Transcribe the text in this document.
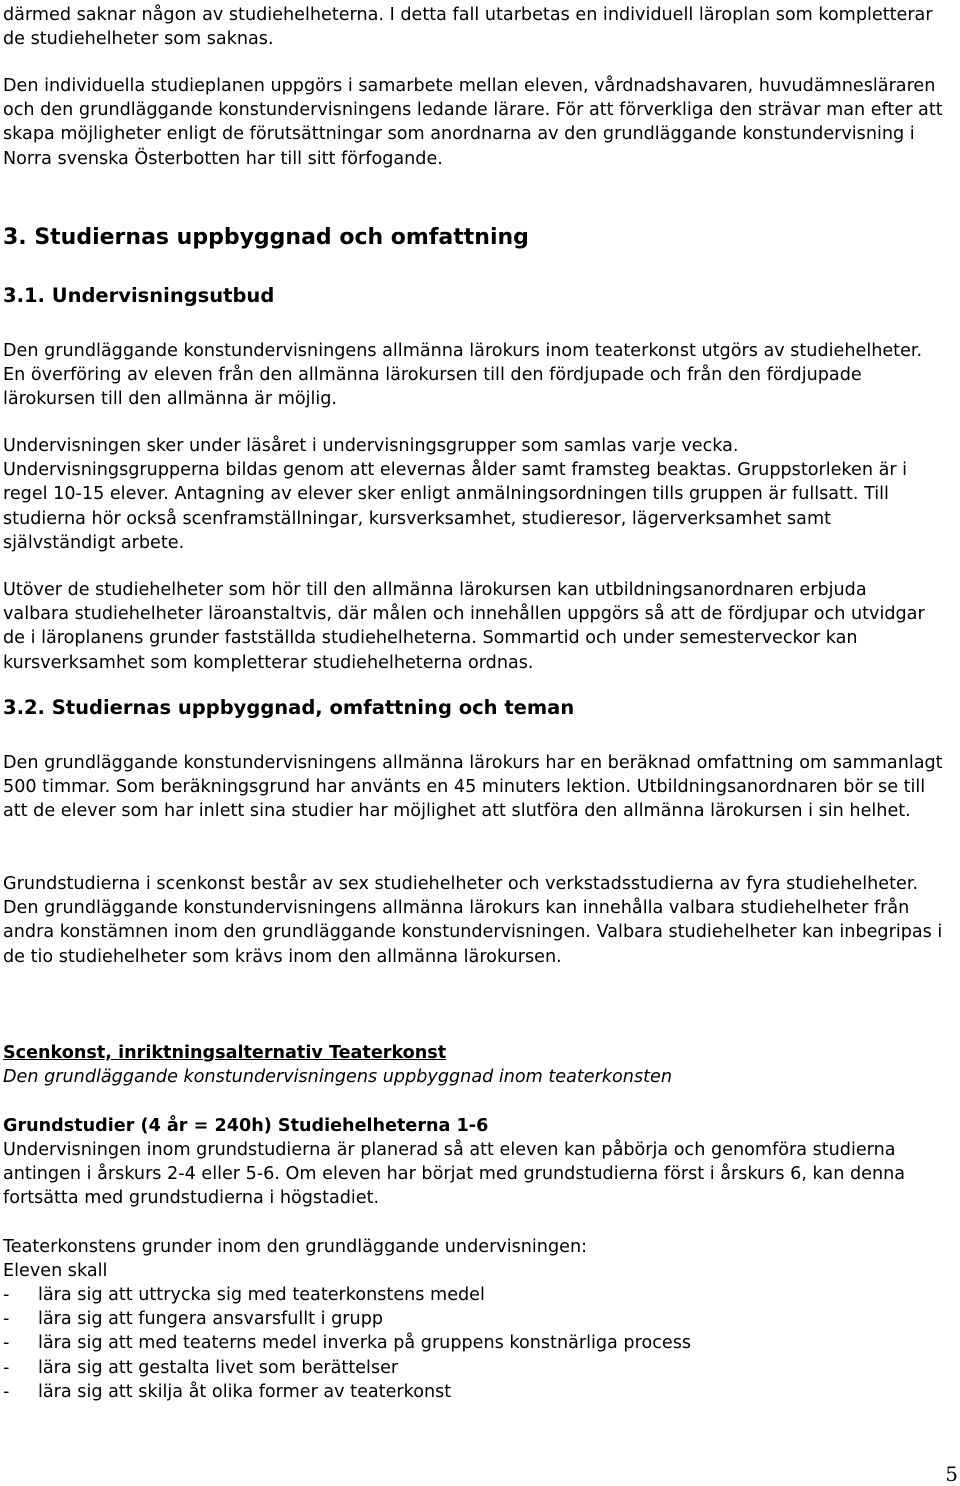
därmed saknar någon av studiehelheterna. I detta fall utarbetas en individuell läroplan som kompletterar de studiehelheter som saknas.

Den individuella studieplanen uppgörs i samarbete mellan eleven, vårdnadshavaren, huvudämnesläraren och den grundläggande konstundervisningens ledande lärare. För att förverkliga den strävar man efter att skapa möjligheter enligt de förutsättningar som anordnarna av den grundläggande konstundervisning i Norra svenska Österbotten har till sitt förfogande.

3. Studiernas uppbyggnad och omfattning
3.1. Undervisningsutbud

Den grundläggande konstundervisningens allmänna lärokurs inom teaterkonst utgörs av studiehelheter. En överföring av eleven från den allmänna lärokursen till den fördjupade och från den fördjupade lärokursen till den allmänna är möjlig.

Undervisningen sker under läsåret i undervisningsgrupper som samlas varje vecka. Undervisningsgrupperna bildas genom att elevernas ålder samt framsteg beaktas. Gruppstorleken är i regel 10-15 elever. Antagning av elever sker enligt anmälningsordningen tills gruppen är fullsatt. Till studierna hör också scenframställningar, kursverksamhet, studieresor, lägerverksamhet samt självständigt arbete.

Utöver de studiehelheter som hör till den allmänna lärokursen kan utbildningsanordnaren erbjuda valbara studiehelheter läroanstaltvis, där målen och innehållen uppgörs så att de fördjupar och utvidgar de i läroplanens grunder fastställda studiehelheterna. Sommartid och under semesterveckor kan kursverksamhet som kompletterar studiehelheterna ordnas.

3.2. Studiernas uppbyggnad, omfattning och teman

Den grundläggande konstundervisningens allmänna lärokurs har en beräknad omfattning om sammanlagt 500 timmar. Som beräkningsgrund har använts en 45 minuters lektion. Utbildningsanordnaren bör se till att de elever som har inlett sina studier har möjlighet att slutföra den allmänna lärokursen i sin helhet.

Grundstudierna i scenkonst består av sex studiehelheter och verkstadsstudierna av fyra studiehelheter. Den grundläggande konstundervisningens allmänna lärokurs kan innehålla valbara studiehelheter från andra konstämnen inom den grundläggande konstundervisningen. Valbara studiehelheter kan inbegripas i de tio studiehelheter som krävs inom den allmänna lärokursen.

Scenkonst, inriktningsalternativ Teaterkonst

Den grundläggande konstundervisningens uppbyggnad inom teaterkonsten

Grundstudier (4 år = 240h) Studiehelheterna 1-6

Undervisningen inom grundstudierna är planerad så att eleven kan påbörja och genomföra studierna antingen i årskurs 2-4 eller 5-6. Om eleven har börjat med grundstudierna först i årskurs 6, kan denna fortsätta med grundstudierna i högstadiet.

Teaterkonstens grunder inom den grundläggande undervisningen:

Eleven skall

-	lära sig att uttrycka sig med teaterkonstens medel
-	lära sig att fungera ansvarsfullt i grupp
-	lära sig att med teaterns medel inverka på gruppens konstnärliga process
-	lära sig att gestalta livet som berättelser
-	lära sig att skilja åt olika former av teaterkonst
5
